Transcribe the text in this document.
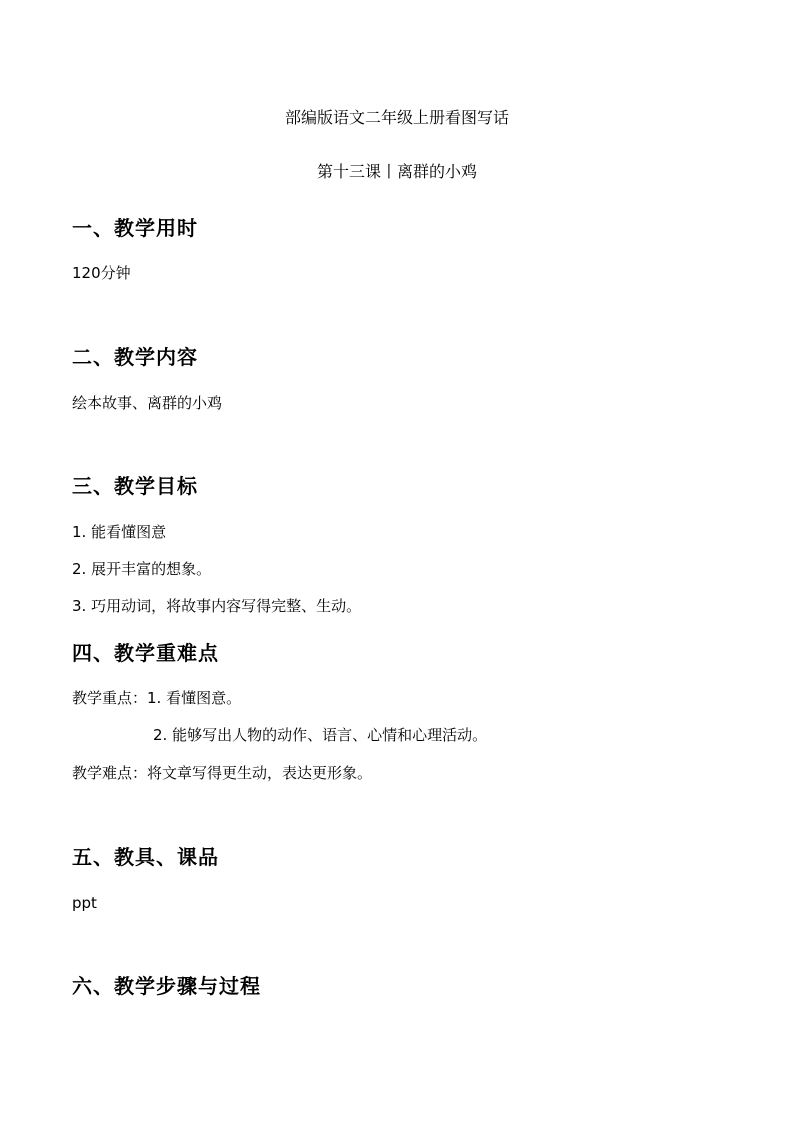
部编版语文二年级上册看图写话
第十三课丨离群的小鸡
一、教学用时
120分钟
二、教学内容
绘本故事、离群的小鸡
三、教学目标
1. 能看懂图意
2. 展开丰富的想象。
3. 巧用动词，将故事内容写得完整、生动。
四、教学重难点
教学重点：1. 看懂图意。
2. 能够写出人物的动作、语言、心情和心理活动。
教学难点：将文章写得更生动，表达更形象。
五、教具、课品
ppt
六、教学步骤与过程
